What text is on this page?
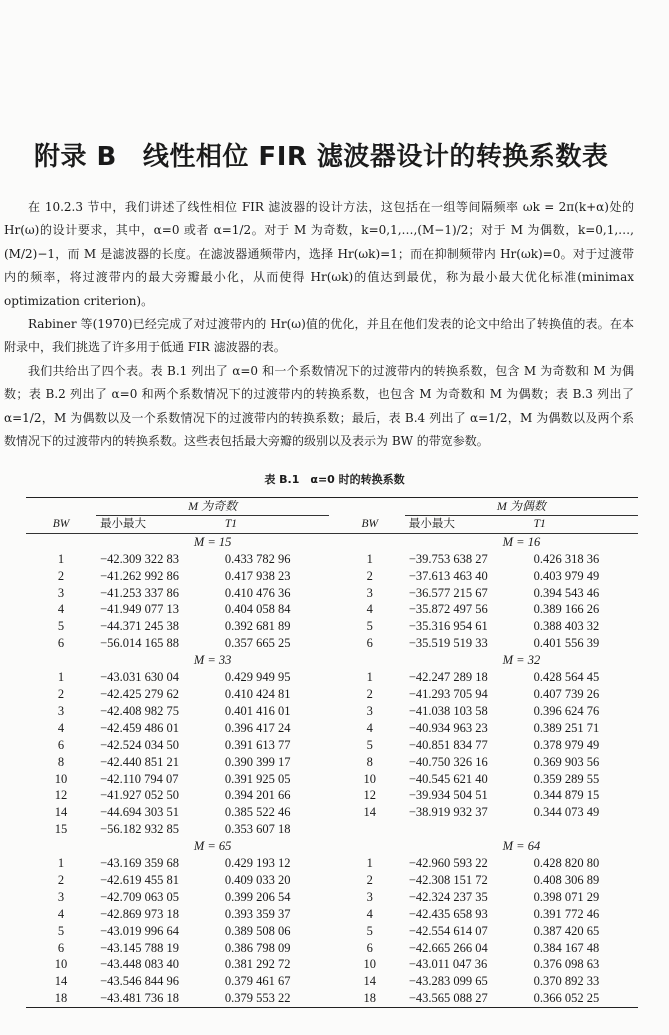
附录 B 线性相位 FIR 滤波器设计的转换系数表

在 10.2.3 节中，我们讲述了线性相位 FIR 滤波器的设计方法，这包括在一组等间隔频率 ωk = 2π(k+α)处的 Hr(ω)的设计要求，其中，α=0 或者 α=1/2。对于 M 为奇数，k=0,1,…,(M−1)/2；对于 M 为偶数，k=0,1,…,(M/2)−1，而 M 是滤波器的长度。在滤波器通频带内，选择 Hr(ωk)=1；而在抑制频带内 Hr(ωk)=0。对于过渡带内的频率，将过渡带内的最大旁瓣最小化，从而使得 Hr(ωk)的值达到最优，称为最小最大优化标准(minimax optimization criterion)。

Rabiner 等(1970)已经完成了对过渡带内的 Hr(ω)值的优化，并且在他们发表的论文中给出了转换值的表。在本附录中，我们挑选了许多用于低通 FIR 滤波器的表。

我们共给出了四个表。表 B.1 列出了 α=0 和一个系数情况下的过渡带内的转换系数，包含 M 为奇数和 M 为偶数；表 B.2 列出了 α=0 和两个系数情况下的过渡带内的转换系数，也包含 M 为奇数和 M 为偶数；表 B.3 列出了 α=1/2，M 为偶数以及一个系数情况下的过渡带内的转换系数；最后，表 B.4 列出了 α=1/2，M 为偶数以及两个系数情况下的过渡带内的转换系数。这些表包括最大旁瓣的级别以及表示为 BW 的带宽参数。

表 B.1　α=0 时的转换系数
	M 为奇数				M 为偶数	
BW	最小最大	T1		BW	最小最大	T1
	M = 15				M = 16	
1	−42.309 322 83	0.433 782 96		1	−39.753 638 27	0.426 318 36
2	−41.262 992 86	0.417 938 23		2	−37.613 463 40	0.403 979 49
3	−41.253 337 86	0.410 476 36		3	−36.577 215 67	0.394 543 46
4	−41.949 077 13	0.404 058 84		4	−35.872 497 56	0.389 166 26
5	−44.371 245 38	0.392 681 89		5	−35.316 954 61	0.388 403 32
6	−56.014 165 88	0.357 665 25		6	−35.519 519 33	0.401 556 39
	M = 33				M = 32	
1	−43.031 630 04	0.429 949 95		1	−42.247 289 18	0.428 564 45
2	−42.425 279 62	0.410 424 81		2	−41.293 705 94	0.407 739 26
3	−42.408 982 75	0.401 416 01		3	−41.038 103 58	0.396 624 76
4	−42.459 486 01	0.396 417 24		4	−40.934 963 23	0.389 251 71
6	−42.524 034 50	0.391 613 77		5	−40.851 834 77	0.378 979 49
8	−42.440 851 21	0.390 399 17		8	−40.750 326 16	0.369 903 56
10	−42.110 794 07	0.391 925 05		10	−40.545 621 40	0.359 289 55
12	−41.927 052 50	0.394 201 66		12	−39.934 504 51	0.344 879 15
14	−44.694 303 51	0.385 522 46		14	−38.919 932 37	0.344 073 49
15	−56.182 932 85	0.353 607 18				
	M = 65				M = 64	
1	−43.169 359 68	0.429 193 12		1	−42.960 593 22	0.428 820 80
2	−42.619 455 81	0.409 033 20		2	−42.308 151 72	0.408 306 89
3	−42.709 063 05	0.399 206 54		3	−42.324 237 35	0.398 071 29
4	−42.869 973 18	0.393 359 37		4	−42.435 658 93	0.391 772 46
5	−43.019 996 64	0.389 508 06		5	−42.554 614 07	0.387 420 65
6	−43.145 788 19	0.386 798 09		6	−42.665 266 04	0.384 167 48
10	−43.448 083 40	0.381 292 72		10	−43.011 047 36	0.376 098 63
14	−43.546 844 96	0.379 461 67		14	−43.283 099 65	0.370 892 33
18	−43.481 736 18	0.379 553 22		18	−43.565 088 27	0.366 052 25
